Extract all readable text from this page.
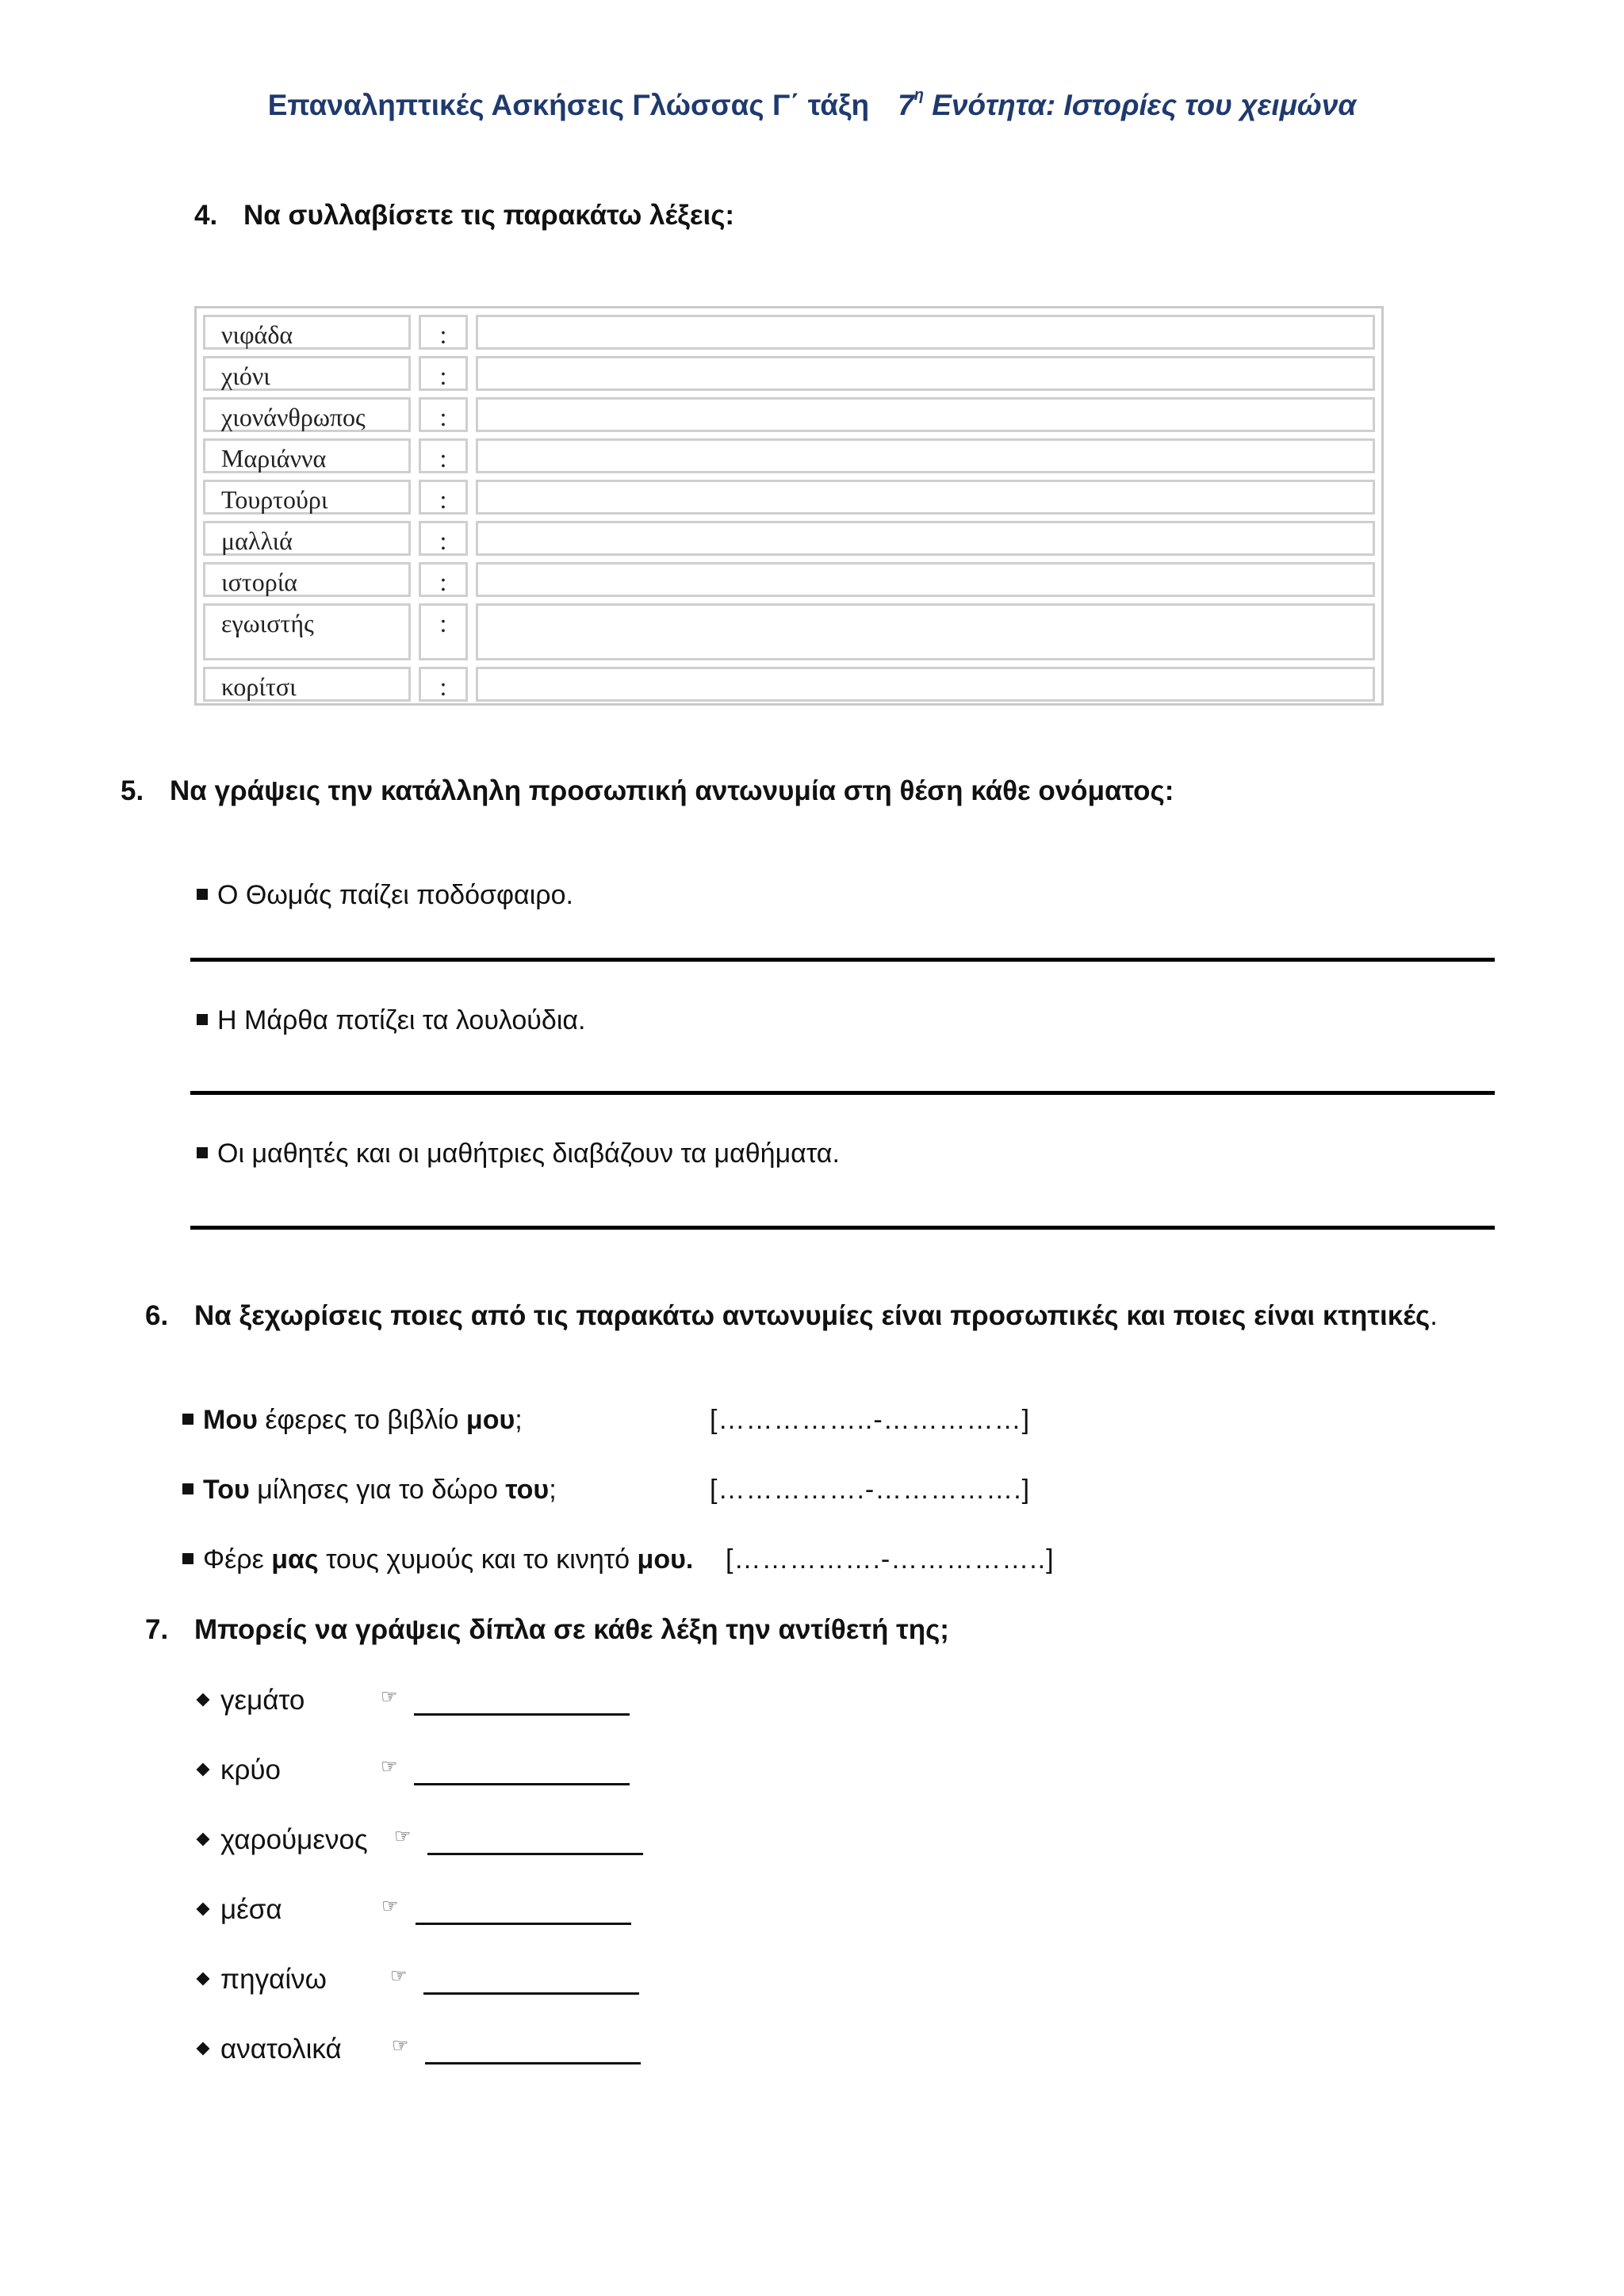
Επαναληπτικές Ασκήσεις Γλώσσας Γ΄ τάξη $7^\eta$ Ενότητα: Ιστορίες του χειμώνα
4. Να συλλαβίσετε τις παρακάτω λέξεις:
νιφάδα	:
χιόνι	:
χιονάνθρωπος	:
Μαριάννα	:
Τουρτούρι	:
μαλλιά	:
ιστορία	:
εγωιστής	:
κορίτσι	:
5. Να γράψεις την κατάλληλη προσωπική αντωνυμία στη θέση κάθε ονόματος:
Ο Θωμάς παίζει ποδόσφαιρο.
Η Μάρθα ποτίζει τα λουλούδια.
Οι μαθητές και οι μαθήτριες διαβάζουν τα μαθήματα.
6. Να ξεχωρίσεις ποιες από τις παρακάτω αντωνυμίες είναι προσωπικές και ποιες είναι κτητικές.
Μου έφερες το βιβλίο μου;	[……………..-……………]
Του μίλησες για το δώρο του;	[…………….-…………….]
Φέρε μας τους χυμούς και το κινητό μου. […………….-……………..]
7. Μπορείς να γράψεις δίπλα σε κάθε λέξη την αντίθετή της;
γεμάτο	☞
κρύο	☞
χαρούμενος ☞
μέσα	☞
πηγαίνω	☞
ανατολικά	☞
